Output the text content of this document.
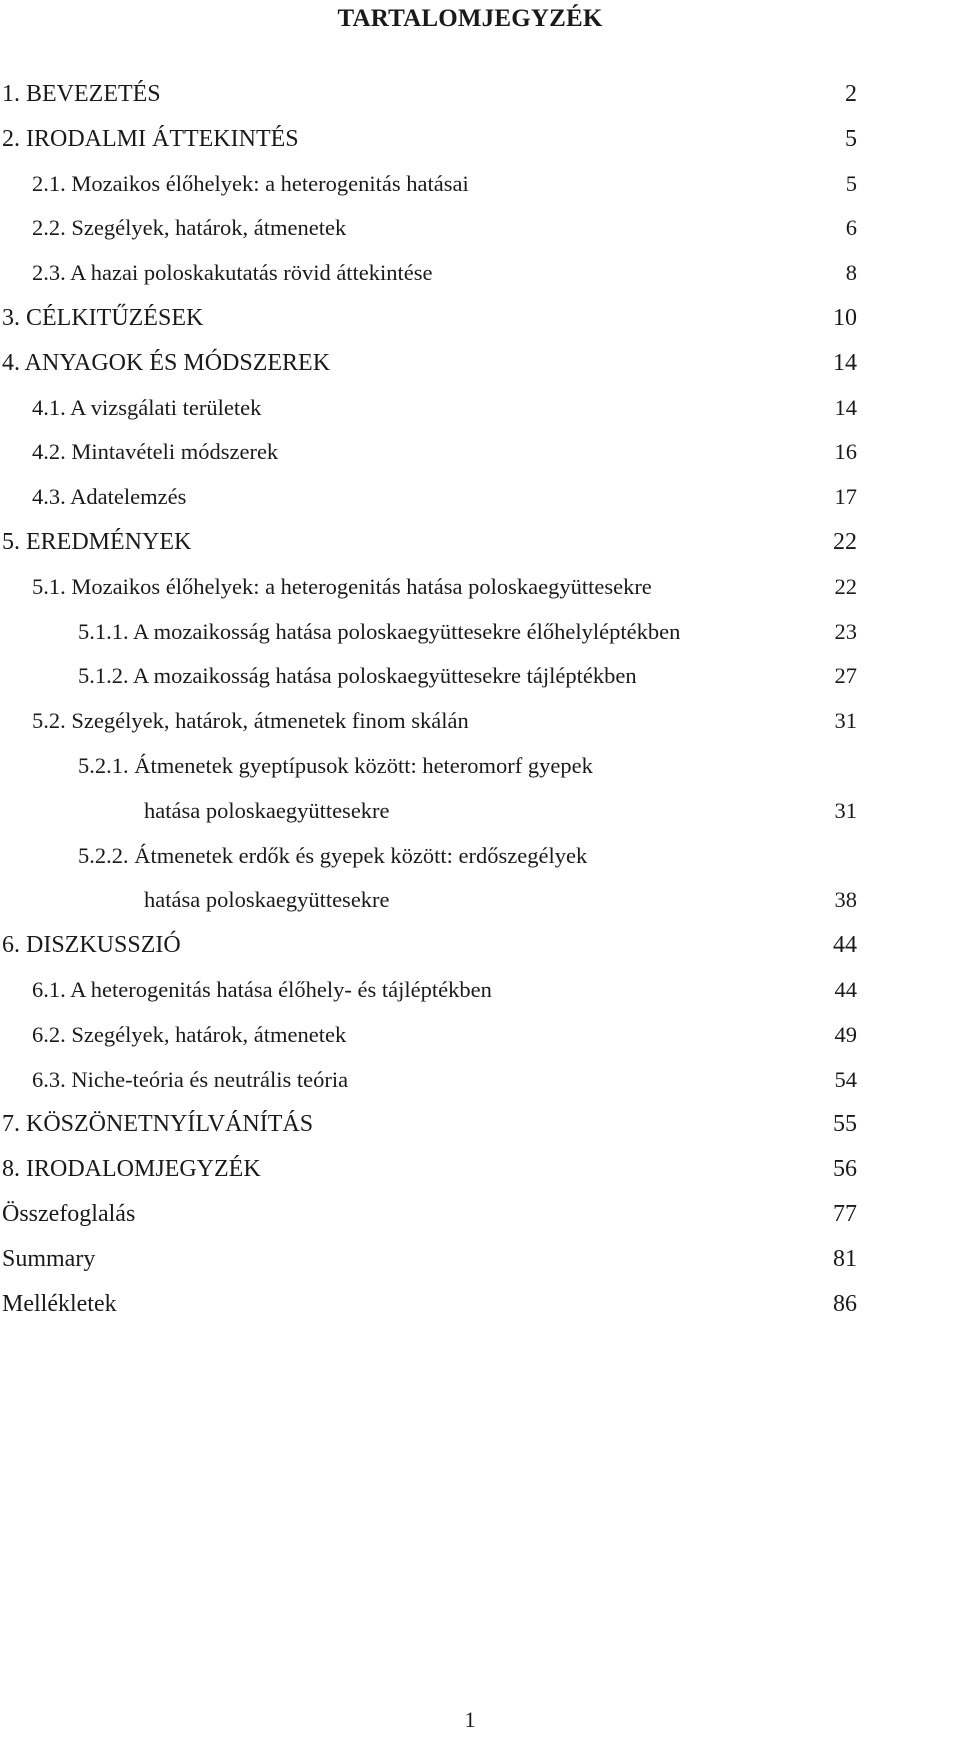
TARTALOMJEGYZÉK
1. BEVEZETÉS	2
2. IRODALMI ÁTTEKINTÉS	5
2.1. Mozaikos élőhelyek: a heterogenitás hatásai	5
2.2. Szegélyek, határok, átmenetek	6
2.3. A hazai poloskakutatás rövid áttekintése	8
3. CÉLKITŰZÉSEK	10
4. ANYAGOK ÉS MÓDSZEREK	14
4.1. A vizsgálati területek	14
4.2. Mintavételi módszerek	16
4.3. Adatelemzés	17
5. EREDMÉNYEK	22
5.1. Mozaikos élőhelyek: a heterogenitás hatása poloskaegyüttesekre	22
5.1.1. A mozaikosság hatása poloskaegyüttesekre élőhelyléptékben	23
5.1.2. A mozaikosság hatása poloskaegyüttesekre tájléptékben	27
5.2. Szegélyek, határok, átmenetek finom skálán	31
5.2.1. Átmenetek gyeptípusok között: heteromorf gyepek
hatása poloskaegyüttesekre	31
5.2.2. Átmenetek erdők és gyepek között: erdőszegélyek
hatása poloskaegyüttesekre	38
6. DISZKUSSZIÓ	44
6.1. A heterogenitás hatása élőhely- és tájléptékben	44
6.2. Szegélyek, határok, átmenetek	49
6.3. Niche-teória és neutrális teória	54
7. KÖSZÖNETNYÍLVÁNÍTÁS	55
8. IRODALOMJEGYZÉK	56
Összefoglalás	77
Summary	81
Mellékletek	86
1
